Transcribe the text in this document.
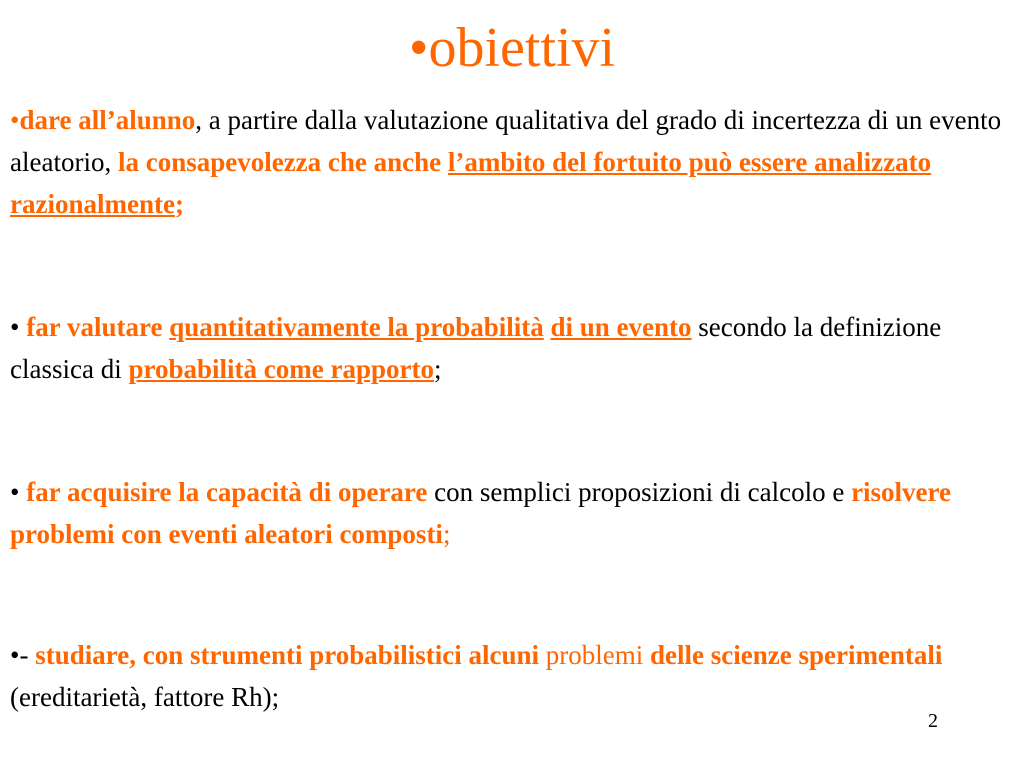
•obiettivi
•dare all’alunno, a partire dalla valutazione qualitativa del grado di incertezza di un evento aleatorio, la consapevolezza che anche l’ambito del fortuito può essere analizzato razionalmente;
• far valutare quantitativamente la probabilità di un evento secondo la definizione classica di probabilità come rapporto;
• far acquisire la capacità di operare con semplici proposizioni di calcolo e risolvere problemi con eventi aleatori composti;
•- studiare, con strumenti probabilistici alcuni problemi delle scienze sperimentali (ereditarietà, fattore Rh);
2
